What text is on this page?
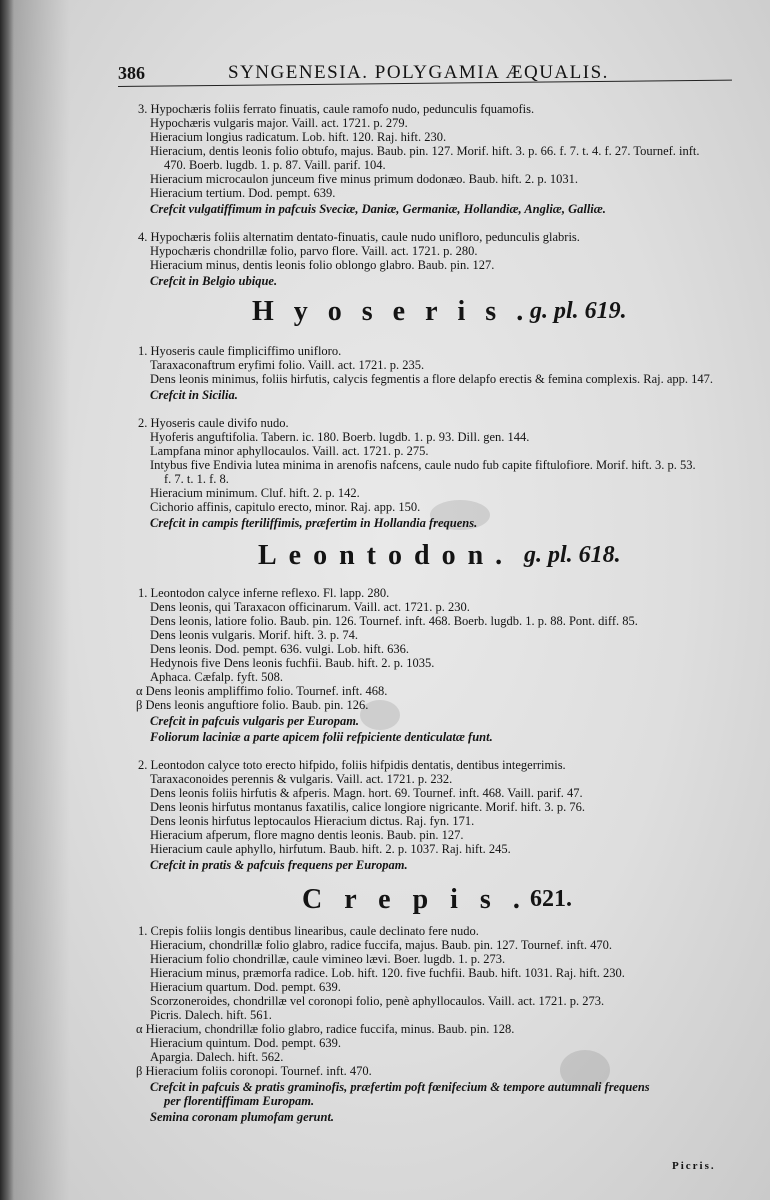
386	SYNGENESIA. POLYGAMIA ÆQUALIS.
3. Hypochæris foliis ferrato finuatis, caule ramofo nudo, pedunculis fquamofis.
Hypochæris vulgaris major. Vaill. act. 1721. p. 279.
Hieracium longius radicatum. Lob. hift. 120. Raj. hift. 230.
Hieracium, dentis leonis folio obtufo, majus. Baub. pin. 127. Morif. hift. 3. p. 66. f. 7. t. 4. f. 27. Tournef. inft.
470. Boerb. lugdb. 1. p. 87. Vaill. parif. 104.
Hieracium microcaulon junceum five minus primum dodonæo. Baub. hift. 2. p. 1031.
Hieracium tertium. Dod. pempt. 639.
Crefcit vulgatiffimum in pafcuis Sveciæ, Daniæ, Germaniæ, Hollandiæ, Angliæ, Galliæ.
4. Hypochæris foliis alternatim dentato-finuatis, caule nudo unifloro, pedunculis glabris.
Hypochæris chondrillæ folio, parvo flore. Vaill. act. 1721. p. 280.
Hieracium minus, dentis leonis folio oblongo glabro. Baub. pin. 127.
Crefcit in Belgio ubique.
Hyoseris.
g. pl. 619.
1. Hyoseris caule fimpliciffimo unifloro.
Taraxaconaftrum eryfimi folio. Vaill. act. 1721. p. 235.
Dens leonis minimus, foliis hirfutis, calycis fegmentis a flore delapfo erectis & femina complexis. Raj. app. 147.
Crefcit in Sicilia.
2. Hyoseris caule divifo nudo.
Hyoferis anguftifolia. Tabern. ic. 180. Boerb. lugdb. 1. p. 93. Dill. gen. 144.
Lampfana minor aphyllocaulos. Vaill. act. 1721. p. 275.
Intybus five Endivia lutea minima in arenofis nafcens, caule nudo fub capite fiftulofiore. Morif. hift. 3. p. 53.
f. 7. t. 1. f. 8.
Hieracium minimum. Cluf. hift. 2. p. 142.
Cichorio affinis, capitulo erecto, minor. Raj. app. 150.
Crefcit in campis fteriliffimis, præfertim in Hollandia frequens.
Leontodon. g. pl. 618.
1. Leontodon calyce inferne reflexo. Fl. lapp. 280.
Dens leonis, qui Taraxacon officinarum. Vaill. act. 1721. p. 230.
Dens leonis, latiore folio. Baub. pin. 126. Tournef. inft. 468. Boerb. lugdb. 1. p. 88. Pont. diff. 85.
Dens leonis vulgaris. Morif. hift. 3. p. 74.
Dens leonis. Dod. pempt. 636. vulgi. Lob. hift. 636.
Hedynois five Dens leonis fuchfii. Baub. hift. 2. p. 1035.
Aphaca. Cæfalp. fyft. 508.
α Dens leonis ampliffimo folio. Tournef. inft. 468.
β Dens leonis anguftiore folio. Baub. pin. 126.
Crefcit in pafcuis vulgaris per Europam.
Foliorum laciniæ a parte apicem folii refpiciente denticulatæ funt.
2. Leontodon calyce toto erecto hifpido, foliis hifpidis dentatis, dentibus integerrimis.
Taraxaconoides perennis & vulgaris. Vaill. act. 1721. p. 232.
Dens leonis foliis hirfutis & afperis. Magn. hort. 69. Tournef. inft. 468. Vaill. parif. 47.
Dens leonis hirfutus montanus faxatilis, calice longiore nigricante. Morif. hift. 3. p. 76.
Dens leonis hirfutus leptocaulos Hieracium dictus. Raj. fyn. 171.
Hieracium afperum, flore magno dentis leonis. Baub. pin. 127.
Hieracium caule aphyllo, hirfutum. Baub. hift. 2. p. 1037. Raj. hift. 245.
Crefcit in pratis & pafcuis frequens per Europam.
Crepis.
621.
1. Crepis foliis longis dentibus linearibus, caule declinato fere nudo.
Hieracium, chondrillæ folio glabro, radice fuccifa, majus. Baub. pin. 127. Tournef. inft. 470.
Hieracium folio chondrillæ, caule vimineo lævi. Boer. lugdb. 1. p. 273.
Hieracium minus, præmorfa radice. Lob. hift. 120. five fuchfii. Baub. hift. 1031. Raj. hift. 230.
Hieracium quartum. Dod. pempt. 639.
Scorzoneroides, chondrillæ vel coronopi folio, penè aphyllocaulos. Vaill. act. 1721. p. 273.
Picris. Dalech. hift. 561.
α Hieracium, chondrillæ folio glabro, radice fuccifa, minus. Baub. pin. 128.
Hieracium quintum. Dod. pempt. 639.
Apargia. Dalech. hift. 562.
β Hieracium foliis coronopi. Tournef. inft. 470.
Crefcit in pafcuis & pratis graminofis, præfertim poft fœnifecium & tempore autumnali frequens
per florentiffimam Europam.
Semina coronam plumofam gerunt.
Picris.
